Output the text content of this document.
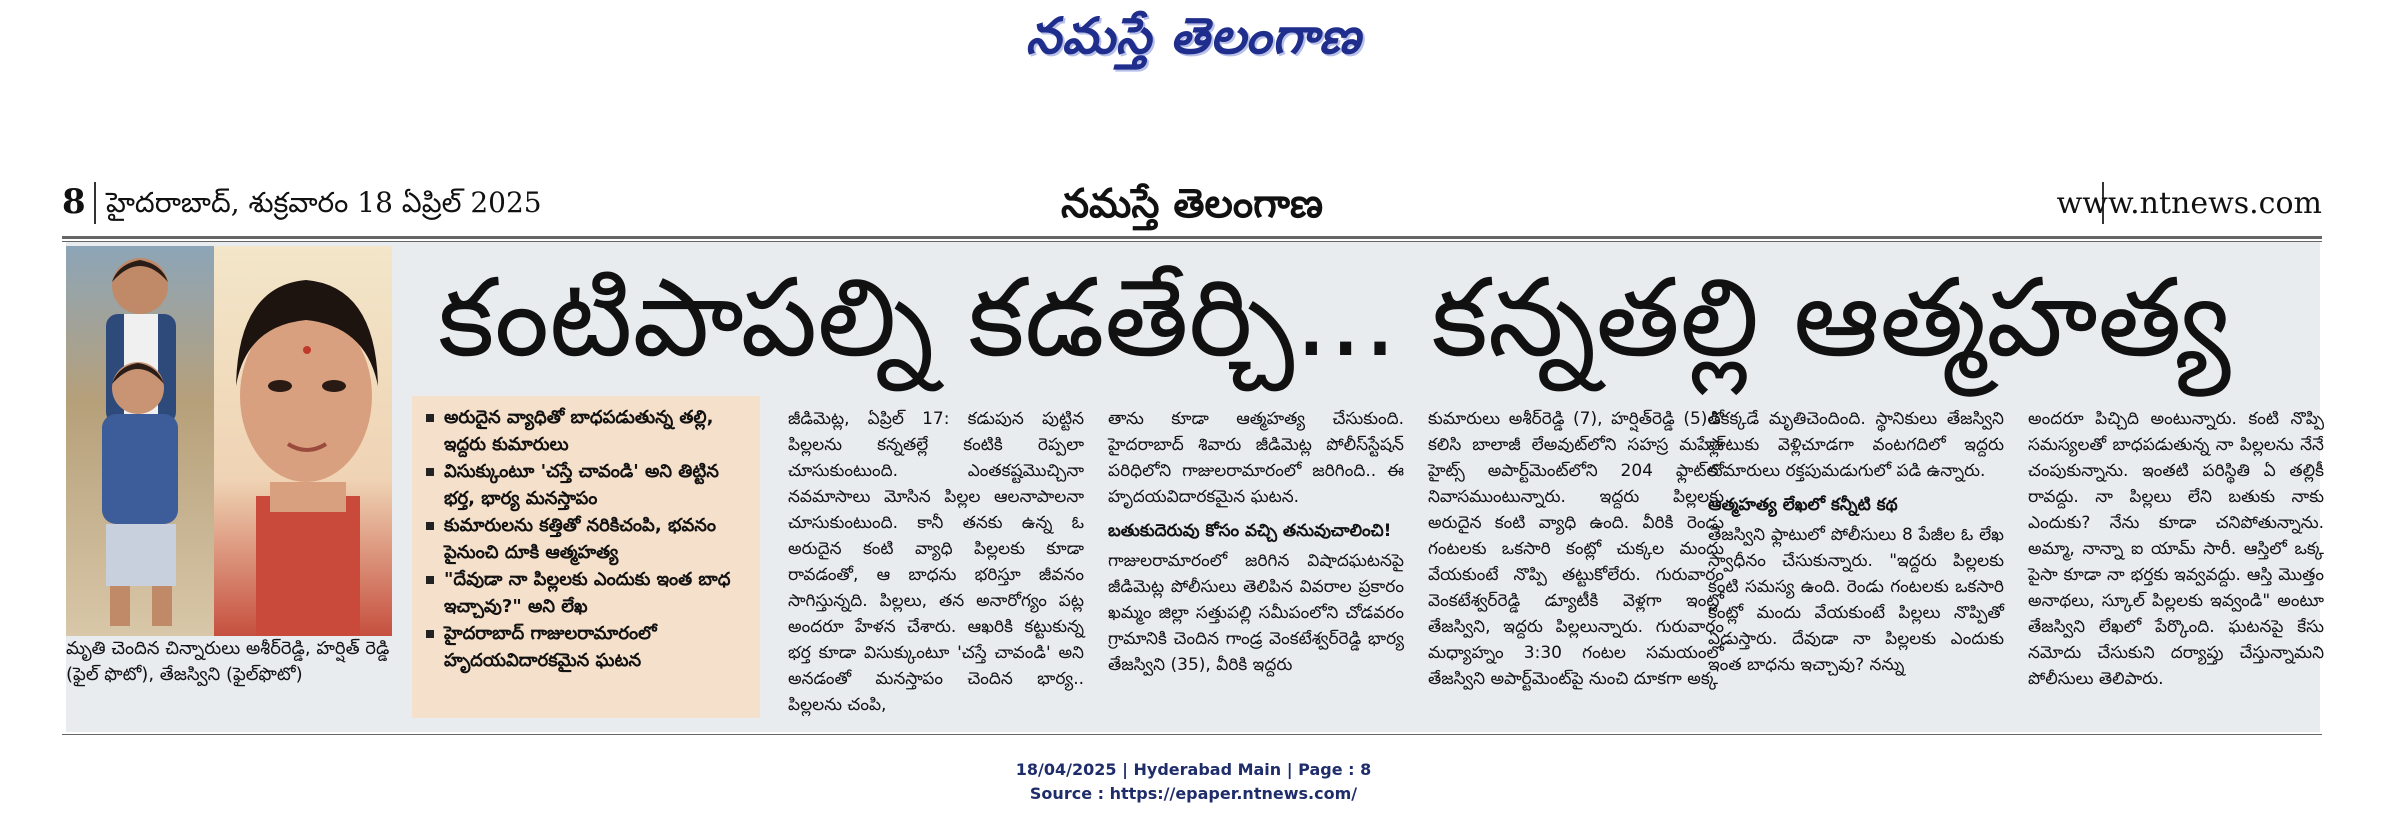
నమస్తే తెలంగాణ
8 హైదరాబాద్, శుక్రవారం 18 ఏప్రిల్ 2025	నమస్తే తెలంగాణ	www.ntnews.com
మృతి చెందిన చిన్నారులు అశీర్‌రెడ్డి, హర్షిత్ రెడ్డి (ఫైల్ ఫొటో), తేజస్విని (ఫైల్‌ఫొటో)
కంటిపాపల్ని కడతేర్చి... కన్నతల్లి ఆత్మహత్య
అరుదైన వ్యాధితో బాధపడుతున్న తల్లి, ఇద్దరు కుమారులు
విసుక్కుంటూ 'చస్తే చావండి' అని తిట్టిన భర్త, భార్య మనస్తాపం
కుమారులను కత్తితో నరికిచంపి, భవనం పైనుంచి దూకి ఆత్మహత్య
"దేవుడా నా పిల్లలకు ఎందుకు ఇంత బాధ ఇచ్చావు?" అని లేఖ
హైదరాబాద్ గాజులరామారంలో హృదయవిదారకమైన ఘటన

జీడిమెట్ల, ఏప్రిల్ 17: కడుపున పుట్టిన పిల్లలను కన్నతల్లే కంటికి రెప్పలా చూసుకుంటుంది. ఎంతకష్టమొచ్చినా నవమాసాలు మోసిన పిల్లల ఆలనాపాలనా చూసుకుంటుంది. కానీ తనకు ఉన్న ఓ అరుదైన కంటి వ్యాధి పిల్లలకు కూడా రావడంతో, ఆ బాధను భరిస్తూ జీవనం సాగిస్తున్నది. పిల్లలు, తన అనారోగ్యం పట్ల అందరూ హేళన చేశారు. ఆఖరికి కట్టుకున్న భర్త కూడా విసుక్కుంటూ 'చస్తే చావండి' అని అనడంతో మనస్తాపం చెందిన భార్య.. పిల్లలను చంపి,

తాను కూడా ఆత్మహత్య చేసుకుంది. హైదరాబాద్ శివారు జీడిమెట్ల పోలీస్‌స్టేషన్ పరిధిలోని గాజులరామారంలో జరిగింది.. ఈ హృదయవిదారకమైన ఘటన.

బతుకుదెరువు కోసం వచ్చి తనువుచాలించి!

గాజులరామారంలో జరిగిన విషాదఘటనపై జీడిమెట్ల పోలీసులు తెలిపిన వివరాల ప్రకారం ఖమ్మం జిల్లా సత్తుపల్లి సమీపంలోని చోడవరం గ్రామానికి చెందిన గాండ్ర వెంకటేశ్వర్‌రెడ్డి భార్య తేజస్విని (35), వీరికి ఇద్దరు

కుమారులు అశీర్‌రెడ్డి (7), హర్షిత్‌రెడ్డి (5)తో కలిసి బాలాజీ లేఅవుట్‌లోని సహస్ర మహేశ్ హైట్స్ అపార్ట్‌మెంట్‌లోని 204 ఫ్లాట్‌లో నివాసముంటున్నారు. ఇద్దరు పిల్లలకు అరుదైన కంటి వ్యాధి ఉంది. వీరికి రెండు గంటలకు ఒకసారి కంట్లో చుక్కల మందు వేయకుంటే నొప్పి తట్టుకోలేరు. గురువారం వెంకటేశ్వర్‌రెడ్డి డ్యూటీకి వెళ్లగా ఇంట్లో తేజస్విని, ఇద్దరు పిల్లలున్నారు. గురువారం మధ్యాహ్నం 3:30 గంటల సమయంలో తేజస్విని అపార్ట్‌మెంట్‌పై నుంచి దూకగా అక్క

డికక్కడే మృతిచెందింది. స్థానికులు తేజస్విని ఫ్లాటుకు వెళ్లిచూడగా వంటగదిలో ఇద్దరు కుమారులు రక్తపుమడుగులో పడి ఉన్నారు.

ఆత్మహత్య లేఖలో కన్నీటి కథ

తేజస్విని ఫ్లాటులో పోలీసులు 8 పేజీల ఓ లేఖ స్వాధీనం చేసుకున్నారు. "ఇద్దరు పిల్లలకు కంటి సమస్య ఉంది. రెండు గంటలకు ఒకసారి కంట్లో మందు వేయకుంటే పిల్లలు నొప్పితో ఏడుస్తారు. దేవుడా నా పిల్లలకు ఎందుకు ఇంత బాధను ఇచ్చావు? నన్ను

అందరూ పిచ్చిది అంటున్నారు. కంటి నొప్పి సమస్యలతో బాధపడుతున్న నా పిల్లలను నేనే చంపుకున్నాను. ఇంతటి పరిస్థితి ఏ తల్లికీ రావద్దు. నా పిల్లలు లేని బతుకు నాకు ఎందుకు? నేను కూడా చనిపోతున్నాను. అమ్మా, నాన్నా ఐ యామ్ సారీ. ఆస్తిలో ఒక్క పైసా కూడా నా భర్తకు ఇవ్వవద్దు. ఆస్తి మొత్తం అనాథలు, స్కూల్ పిల్లలకు ఇవ్వండి" అంటూ తేజస్విని లేఖలో పేర్కొంది. ఘటనపై కేసు నమోదు చేసుకుని దర్యాప్తు చేస్తున్నామని పోలీసులు తెలిపారు.

18/04/2025 | Hyderabad Main | Page : 8
Source : https://epaper.ntnews.com/
